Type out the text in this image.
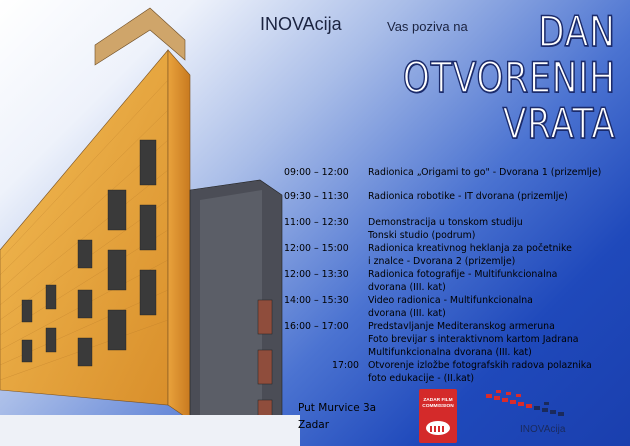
INOVAcija	Vas poziva na DAN
OTVORENIH
VRATA
09:00 – 12:00 Radionica „Origami to go" - Dvorana 1 (prizemlje)
09:30 – 11:30 Radionica robotike - IT dvorana (prizemlje)
11:00 – 12:30 Demonstracija u tonskom studiju
Tonski studio (podrum)
12:00 – 15:00 Radionica kreativnog heklanja za početnike
i znalce - Dvorana 2 (prizemlje)
12:00 – 13:30 Radionica fotografije - Multifunkcionalna
dvorana (III. kat)
14:00 – 15:30 Video radionica - Multifunkcionalna
dvorana (III. kat)
16:00 – 17:00 Predstavljanje Mediteranskog armeruna
Foto brevijar s interaktivnom kartom Jadrana
Multifunkcionalna dvorana (III. kat)
17:00 Otvorenje izložbe fotografskih radova polaznika
foto edukacije - (II.kat)
Put Murvice 3a
Zadar
ZADAR FILM COMMISSION
INOVAcija
